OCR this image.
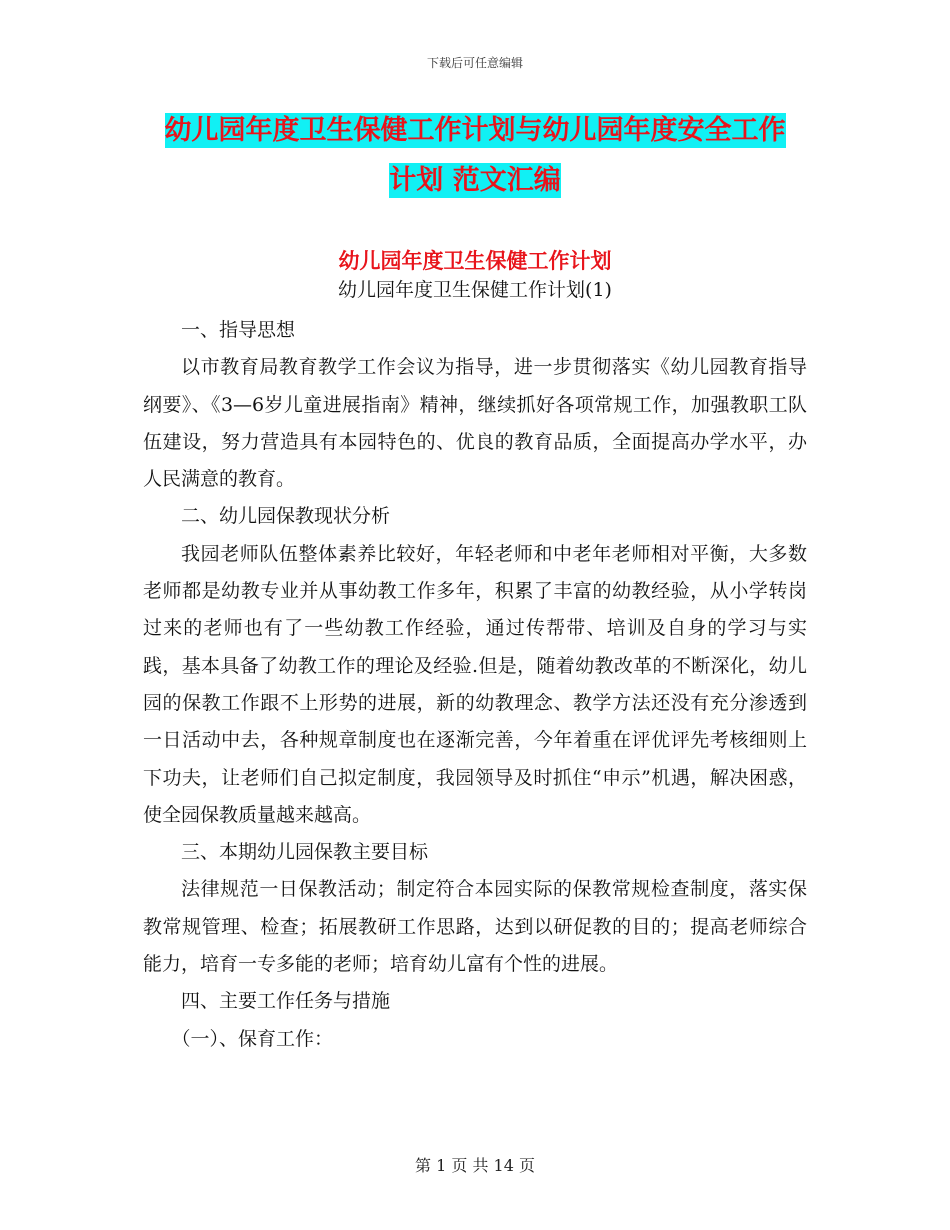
下载后可任意编辑
幼儿园年度卫生保健工作计划与幼儿园年度安全工作
计划 范文汇编
幼儿园年度卫生保健工作计划
幼儿园年度卫生保健工作计划(1)

一、指导思想

以市教育局教育教学工作会议为指导，进一步贯彻落实《幼儿园教育指导纲要》、《3—6岁儿童进展指南》精神，继续抓好各项常规工作，加强教职工队伍建设，努力营造具有本园特色的、优良的教育品质，全面提高办学水平，办人民满意的教育。

二、幼儿园保教现状分析

我园老师队伍整体素养比较好，年轻老师和中老年老师相对平衡，大多数老师都是幼教专业并从事幼教工作多年，积累了丰富的幼教经验，从小学转岗过来的老师也有了一些幼教工作经验，通过传帮带、培训及自身的学习与实践，基本具备了幼教工作的理论及经验.但是，随着幼教改革的不断深化，幼儿园的保教工作跟不上形势的进展，新的幼教理念、教学方法还没有充分渗透到一日活动中去，各种规章制度也在逐渐完善，今年着重在评优评先考核细则上下功夫，让老师们自己拟定制度，我园领导及时抓住“申示”机遇，解决困惑，使全园保教质量越来越高。

三、本期幼儿园保教主要目标

法律规范一日保教活动；制定符合本园实际的保教常规检查制度，落实保教常规管理、检查；拓展教研工作思路，达到以研促教的目的；提高老师综合能力，培育一专多能的老师；培育幼儿富有个性的进展。

四、主要工作任务与措施

（一）、保育工作：

第 1 页 共 14 页
